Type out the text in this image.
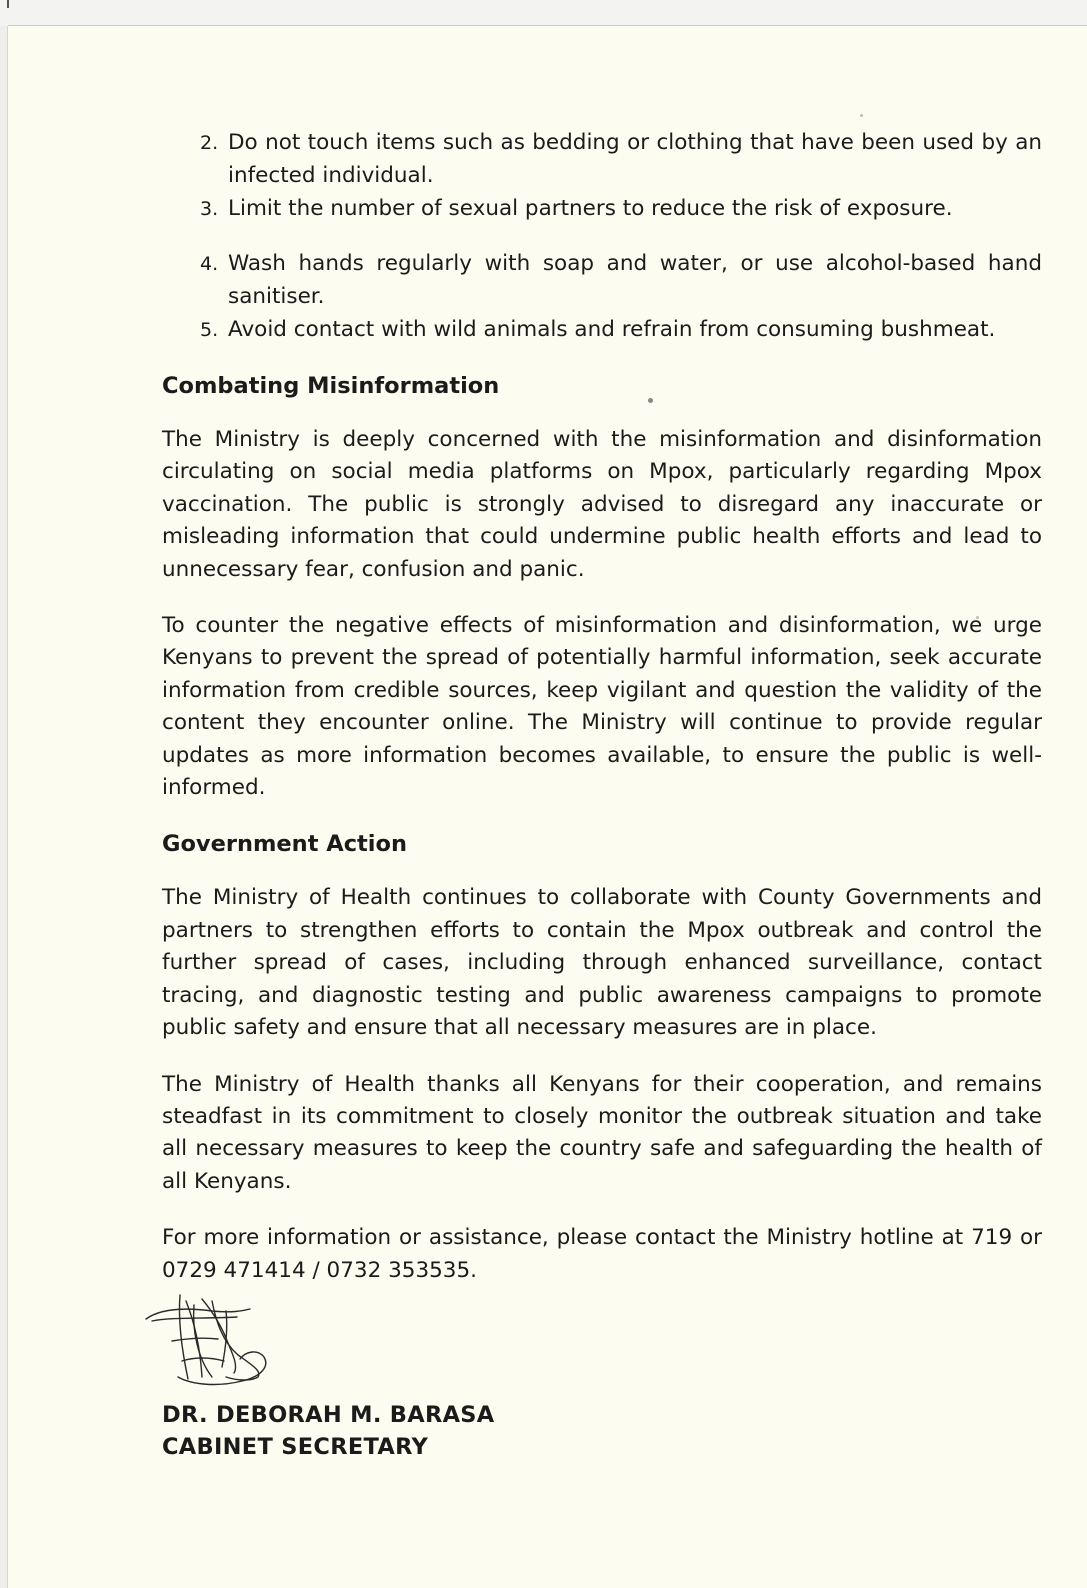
2. Do not touch items such as bedding or clothing that have been used by an infected individual.
3. Limit the number of sexual partners to reduce the risk of exposure.
4. Wash hands regularly with soap and water, or use alcohol-based hand sanitiser.
5. Avoid contact with wild animals and refrain from consuming bushmeat.
Combating Misinformation

The Ministry is deeply concerned with the misinformation and disinformation circulating on social media platforms on Mpox, particularly regarding Mpox vaccination. The public is strongly advised to disregard any inaccurate or misleading information that could undermine public health efforts and lead to unnecessary fear, confusion and panic.

To counter the negative effects of misinformation and disinformation, we urge Kenyans to prevent the spread of potentially harmful information, seek accurate information from credible sources, keep vigilant and question the validity of the content they encounter online. The Ministry will continue to provide regular updates as more information becomes available, to ensure the public is well-informed.

Government Action

The Ministry of Health continues to collaborate with County Governments and partners to strengthen efforts to contain the Mpox outbreak and control the further spread of cases, including through enhanced surveillance, contact tracing, and diagnostic testing and public awareness campaigns to promote public safety and ensure that all necessary measures are in place.

The Ministry of Health thanks all Kenyans for their cooperation, and remains steadfast in its commitment to closely monitor the outbreak situation and take all necessary measures to keep the country safe and safeguarding the health of all Kenyans.

For more information or assistance, please contact the Ministry hotline at 719 or 0729 471414 / 0732 353535.

DR. DEBORAH M. BARASA
CABINET SECRETARY
